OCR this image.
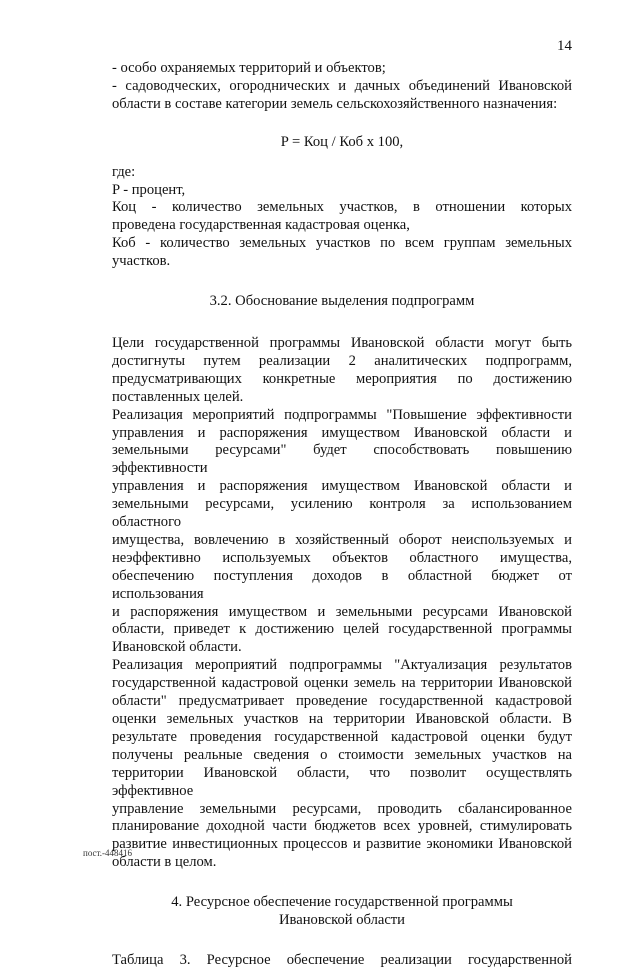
14
- особо охраняемых территорий и объектов;
- садоводческих, огороднических и дачных объединений Ивановской
области в составе категории земель сельскохозяйственного назначения:
P = Коц / Коб x 100,
где:
P - процент,
Коц - количество земельных участков, в отношении которых
проведена государственная кадастровая оценка,
Коб - количество земельных участков по всем группам земельных
участков.
3.2. Обоснование выделения подпрограмм
Цели государственной программы Ивановской области могут быть
достигнуты путем реализации 2 аналитических подпрограмм,
предусматривающих конкретные мероприятия по достижению
поставленных целей.
Реализация мероприятий подпрограммы "Повышение эффективности
управления и распоряжения имуществом Ивановской области и
земельными ресурсами" будет способствовать повышению эффективности
управления и распоряжения имуществом Ивановской области и
земельными ресурсами, усилению контроля за использованием областного
имущества, вовлечению в хозяйственный оборот неиспользуемых и
неэффективно используемых объектов областного имущества,
обеспечению поступления доходов в областной бюджет от использования
и распоряжения имуществом и земельными ресурсами Ивановской
области, приведет к достижению целей государственной программы
Ивановской области.
Реализация мероприятий подпрограммы "Актуализация результатов
государственной кадастровой оценки земель на территории Ивановской
области" предусматривает проведение государственной кадастровой
оценки земельных участков на территории Ивановской области. В
результате проведения государственной кадастровой оценки будут
получены реальные сведения о стоимости земельных участков на
территории Ивановской области, что позволит осуществлять эффективное
управление земельными ресурсами, проводить сбалансированное
планирование доходной части бюджетов всех уровней, стимулировать
развитие инвестиционных процессов и развитие экономики Ивановской
области в целом.
4. Ресурсное обеспечение государственной программы
Ивановской области
Таблица 3. Ресурсное обеспечение реализации государственной
пост.-448416
